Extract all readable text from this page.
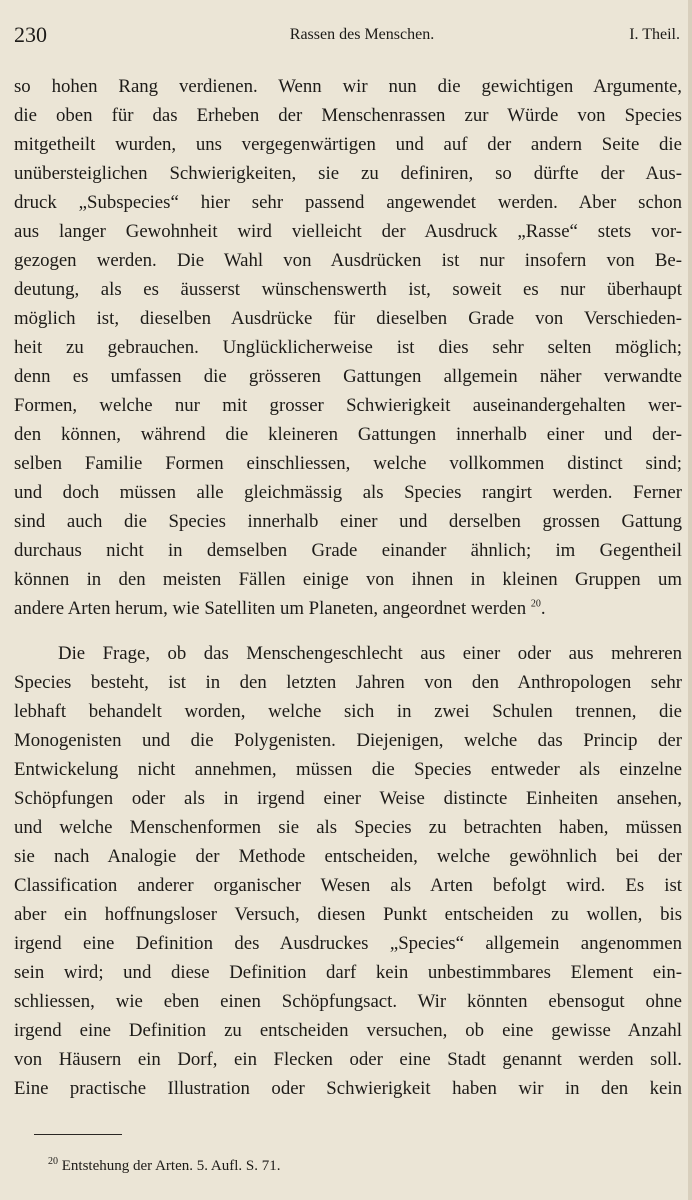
230	Rassen des Menschen.	I. Theil.
so hohen Rang verdienen. Wenn wir nun die gewichtigen Argumente,
die oben für das Erheben der Menschenrassen zur Würde von Species
mitgetheilt wurden, uns vergegenwärtigen und auf der andern Seite die
unübersteiglichen Schwierigkeiten, sie zu definiren, so dürfte der Aus-
druck „Subspecies“ hier sehr passend angewendet werden. Aber schon
aus langer Gewohnheit wird vielleicht der Ausdruck „Rasse“ stets vor-
gezogen werden. Die Wahl von Ausdrücken ist nur insofern von Be-
deutung, als es äusserst wünschenswerth ist, soweit es nur überhaupt
möglich ist, dieselben Ausdrücke für dieselben Grade von Verschieden-
heit zu gebrauchen. Unglücklicherweise ist dies sehr selten möglich;
denn es umfassen die grösseren Gattungen allgemein näher verwandte
Formen, welche nur mit grosser Schwierigkeit auseinandergehalten wer-
den können, während die kleineren Gattungen innerhalb einer und der-
selben Familie Formen einschliessen, welche vollkommen distinct sind;
und doch müssen alle gleichmässig als Species rangirt werden. Ferner
sind auch die Species innerhalb einer und derselben grossen Gattung
durchaus nicht in demselben Grade einander ähnlich; im Gegentheil
können in den meisten Fällen einige von ihnen in kleinen Gruppen um
andere Arten herum, wie Satelliten um Planeten, angeordnet werden $^{20}$.
Die Frage, ob das Menschengeschlecht aus einer oder aus mehreren
Species besteht, ist in den letzten Jahren von den Anthropologen sehr
lebhaft behandelt worden, welche sich in zwei Schulen trennen, die
Monogenisten und die Polygenisten. Diejenigen, welche das Princip der
Entwickelung nicht annehmen, müssen die Species entweder als einzelne
Schöpfungen oder als in irgend einer Weise distincte Einheiten ansehen,
und welche Menschenformen sie als Species zu betrachten haben, müssen
sie nach Analogie der Methode entscheiden, welche gewöhnlich bei der
Classification anderer organischer Wesen als Arten befolgt wird. Es ist
aber ein hoffnungsloser Versuch, diesen Punkt entscheiden zu wollen, bis
irgend eine Definition des Ausdruckes „Species“ allgemein angenommen
sein wird; und diese Definition darf kein unbestimmbares Element ein-
schliessen, wie eben einen Schöpfungsact. Wir könnten ebensogut ohne
irgend eine Definition zu entscheiden versuchen, ob eine gewisse Anzahl
von Häusern ein Dorf, ein Flecken oder eine Stadt genannt werden soll.
Eine practische Illustration oder Schwierigkeit haben wir in den kein
$^{20}$ Entstehung der Arten. 5. Aufl. S. 71.
